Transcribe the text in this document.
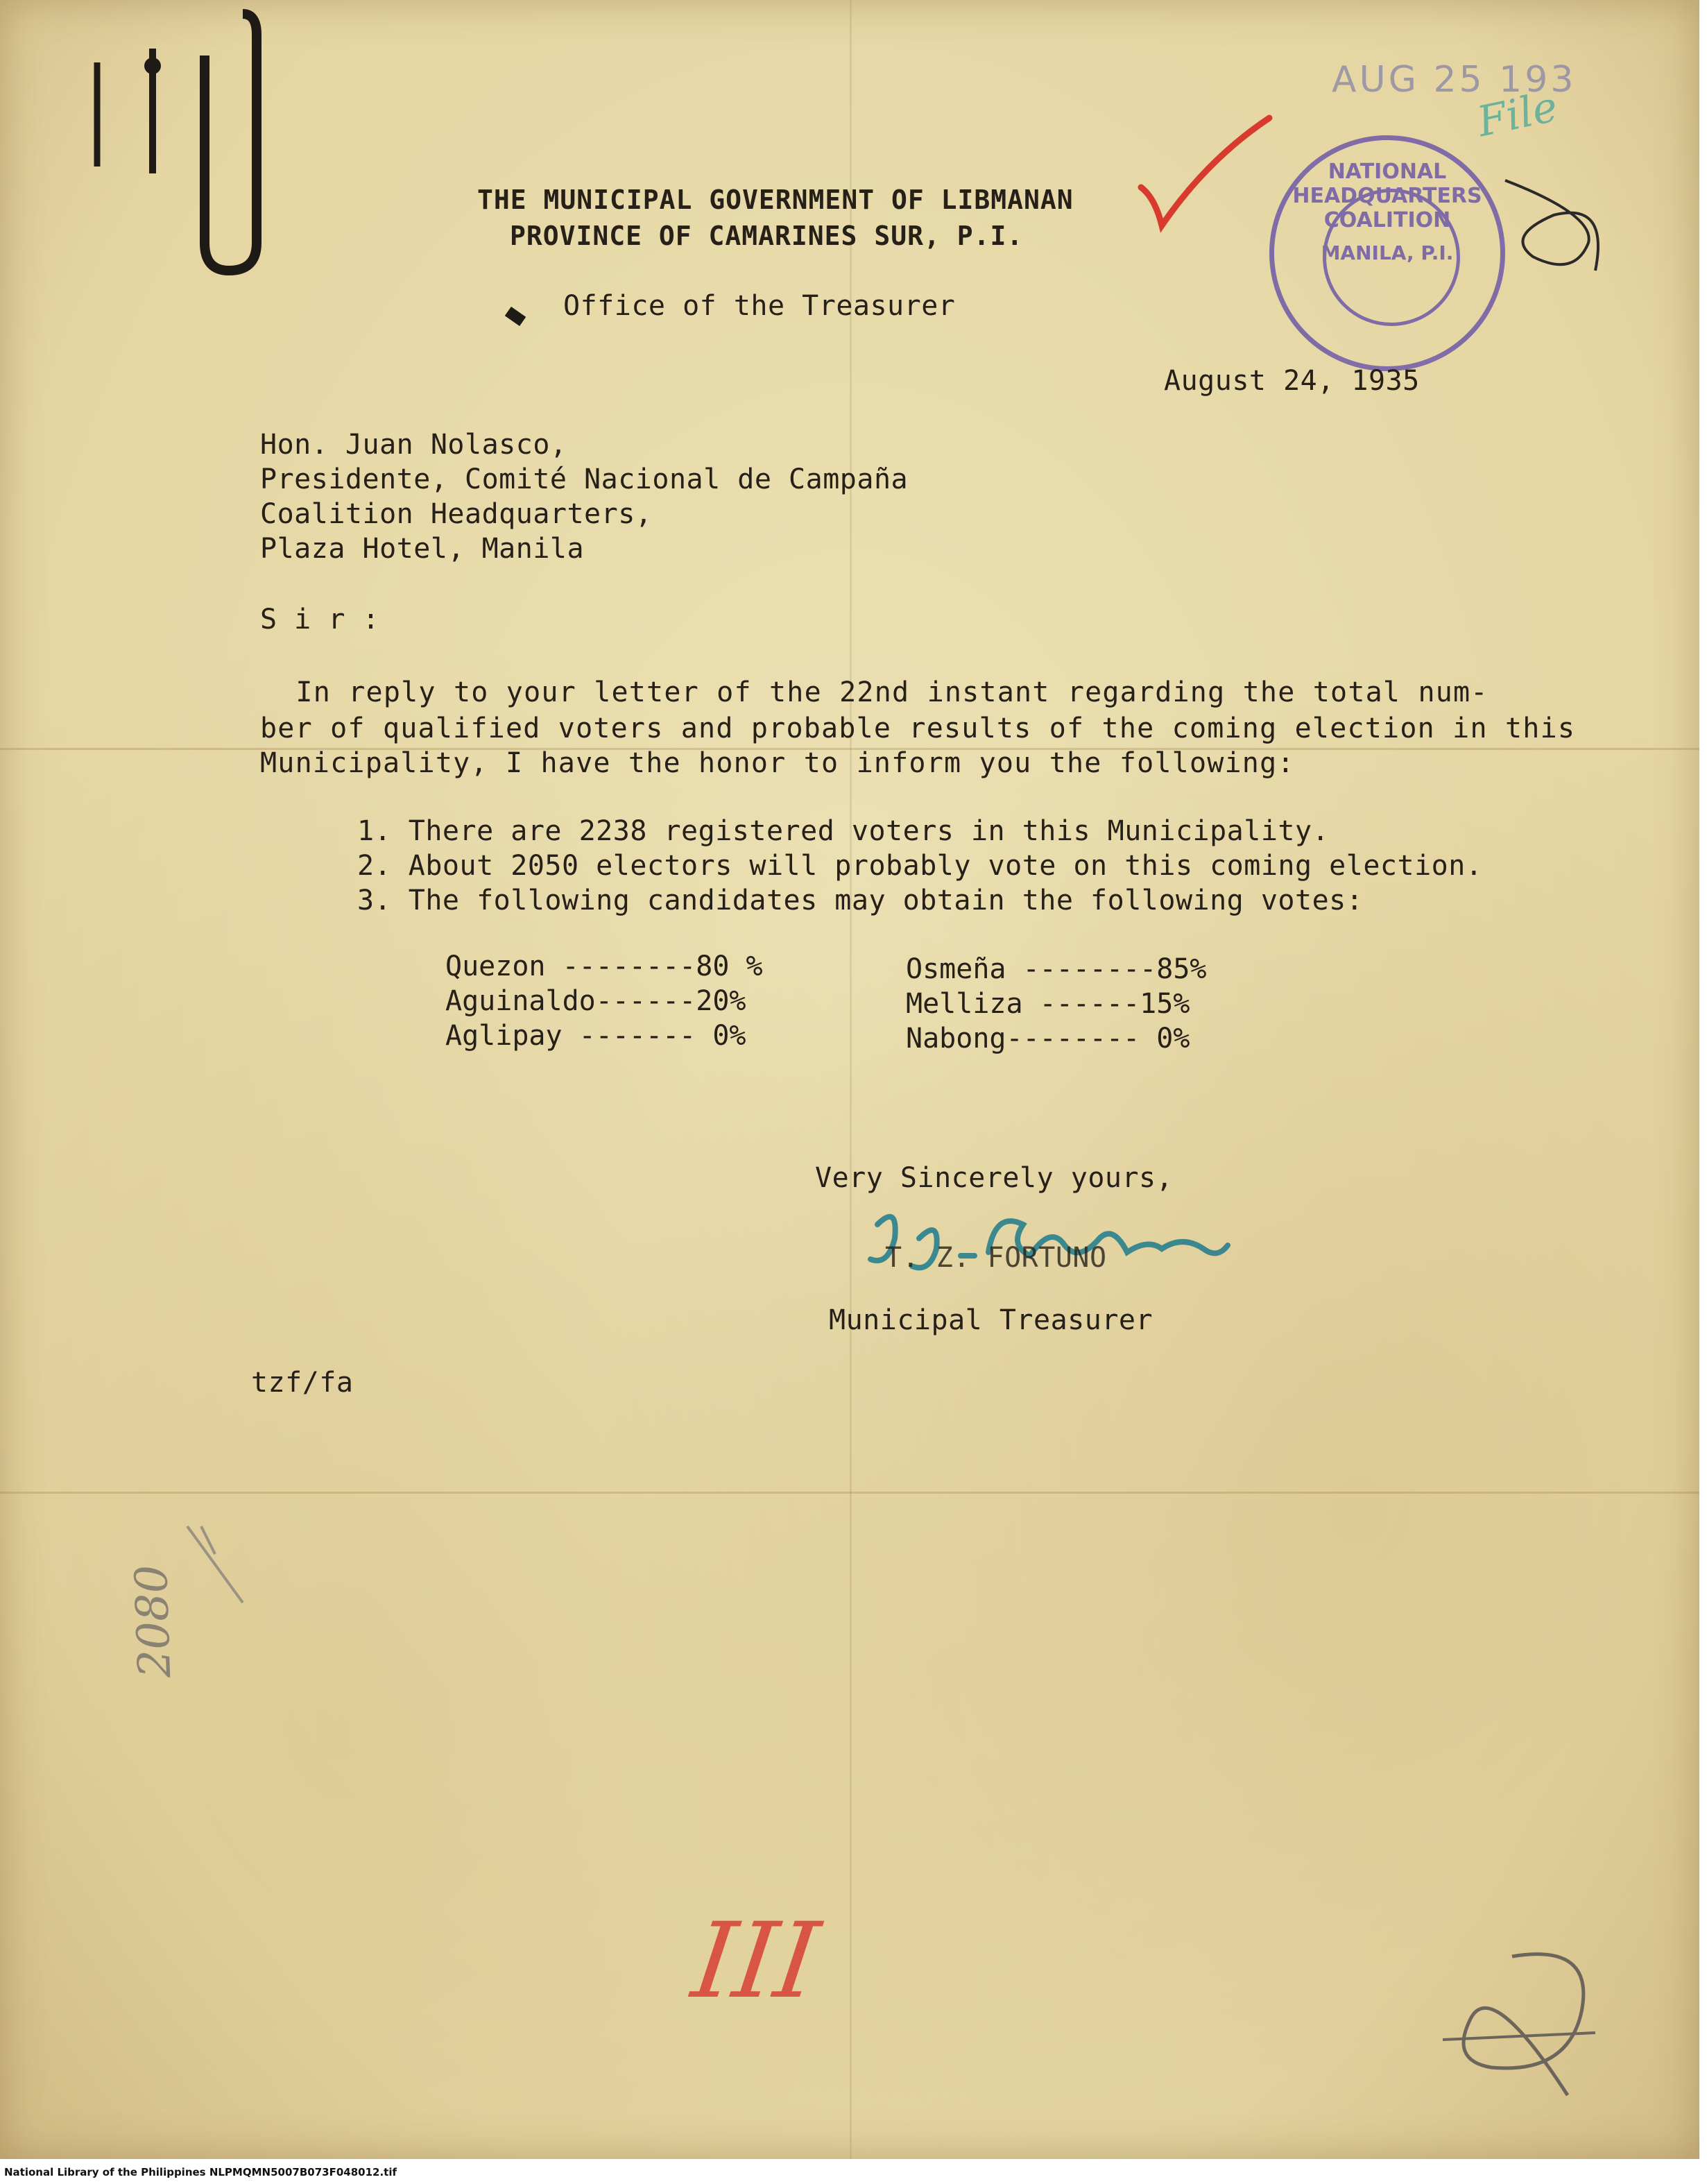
THE MUNICIPAL GOVERNMENT OF LIBMANAN
PROVINCE OF CAMARINES SUR, P.I.
Office of the Treasurer
AUG 25 193
File
NATIONAL HEADQUARTERS COALITION
MANILA, P.I.
August 24, 1935
Hon. Juan Nolasco,
Presidente, Comité Nacional de Campaña
Coalition Headquarters,
Plaza Hotel, Manila
S i r :
In reply to your letter of the 22nd instant regarding the total num-
ber of qualified voters and probable results of the coming election in this
Municipality, I have the honor to inform you the following:
1. There are 2238 registered voters in this Municipality.
2. About 2050 electors will probably vote on this coming election.
3. The following candidates may obtain the following votes:
Quezon --------80 %
Aguinaldo------20%
Aglipay ------- 0%
Osmeña --------85%
Melliza ------15%
Nabong-------- 0%
Very Sincerely yours,
T. Z. FORTUNO
Municipal Treasurer
tzf/fa
2080
III
National Library of the Philippines NLPMQMN5007B073F048012.tif
